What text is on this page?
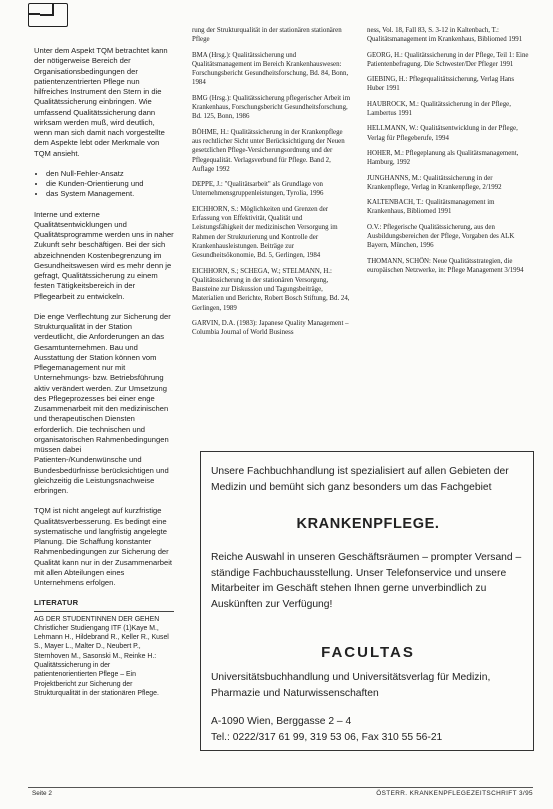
Unter dem Aspekt TQM betrachtet kann der nötigerweise Bereich der Organisationsbedingungen der patientenzentrierten Pflege nun hilfreiches Instrument den Stern in die Qualitätssicherung einbringen. Wie umfassend Qualitätssicherung dann wirksam werden muß, wird deutlich, wenn man sich damit nach vorgestellte dem Aspekte lebt oder Merkmale von TQM ansieht.

• den Null-Fehler-Ansatz
• die Kunden-Orientierung und
• das System Management.

Interne und externe Qualitätsentwicklungen und Qualitätsprogramme werden uns in naher Zukunft sehr beschäftigen. Bei der sich abzeichnenden Kostenbegrenzung im Gesundheitswesen wird es mehr denn je gefragt, Qualitätssicherung zu einem festen Tätigkeitsbereich in der Pflegearbeit zu entwickeln.

Die enge Verflechtung zur Sicherung der Strukturqualität in der Station verdeutlicht, die Anforderungen an das Gesamtunternehmen. Bau und Ausstattung der Station können vom Pflegemanagement nur mit Unternehmungs- bzw. Betriebsführung aktiv verändert werden. Zur Umsetzung des Pflegeprozesses bei einer enge Zusammenarbeit mit den medizinischen und therapeutischen Diensten erforderlich. Die technischen und organisatorischen Rahmenbedingungen müssen dabei Patienten-/Kundenwünsche und Bundesbedürfnisse berücksichtigen und gleichzeitig die Leistungsnachweise erbringen.

TQM ist nicht angelegt auf kurzfristige Qualitätsverbesserung. Es bedingt eine systematische und langfristig angelegte Planung. Die Schaffung konstanter Rahmenbedingungen zur Sicherung der Qualität kann nur in der Zusammenarbeit mit allen Abteilungen eines Unternehmens erfolgen.

LITERATUR
AG DER STUDENTINNEN DER GEHEN Christlicher Studiengang ITF (1)Kaye M., Lehmann H., Hildebrand R., Keller R., Kusel S., Mayer L., Malter D., Neubert P., Sternhoven M., Sasonski M., Reinke H.: Qualitätssicherung in der patientenorientierten Pflege – Ein Projektbericht zur Sicherung der Strukturqualität in der stationären Pflege.
rung der Strukturqualität in der stationären stationären Pflege
BMA (Hrsg.): Qualitätssicherung und Qualitätsmanagement im Bereich Krankenhauswesen: Forschungsbericht Gesundheitsforschung, Bd. 84, Bonn, 1984
BMG (Hrsg.): Qualitätssicherung pflegerischer Arbeit im Krankenhaus, Forschungsbericht Gesundheitsforschung, Bd. 125, Bonn, 1986
BÖHME, H.: Qualitätssicherung in der Krankenpflege aus rechtlicher Sicht unter Berücksichtigung der Neuen gesetzlichen Pflege-Versicherungsordnung und der Pflegequalität. Verlagsverbund für Pflege. Band 2, Auflage 1992
DEPPE, J.: "Qualitätsarbeit" als Grundlage von Unternehmensgruppenleistungen, Tyrolia, 1996
EICHHORN, S.: Möglichkeiten und Grenzen der Erfassung von Effektivität, Qualität und Leistungsfähigkeit der medizinischen Versorgung im Rahmen der Strukturierung und Kontrolle der Krankenhausleistungen. Beiträge zur Gesundheitsökonomie, Bd. 5, Gerlingen, 1984
EICHHORN, S.; SCHEGA, W.; STELMANN, H.: Qualitätssicherung in der stationären Versorgung, Bausteine zur Diskussion und Tagungsbeiträge, Materialien und Berichte, Robert Bosch Stiftung, Bd. 24, Gerlingen, 1989
GARVIN, D.A. (1983): Japanese Quality Management – Columbia Journal of World Business
ness, Vol. 18, Fall 83, S. 3-12 in Kaltenbach, T.: Qualitätsmanagement im Krankenhaus, Bibliomed 1991
GEORG, H.: Qualitätssicherung in der Pflege, Teil 1: Eine Patientenbefragung. Die Schwester/Der Pfleger 1991
GIEBING, H.: Pflegequalitätssicherung, Verlag Hans Huber 1991
HAUBROCK, M.: Qualitätssicherung in der Pflege, Lambertus 1991
HELLMANN, W.: Qualitätsentwicklung in der Pflege, Verlag für Pflegeberufe, 1994
HOHER, M.: Pflegeplanung als Qualitätsmanagement, Hamburg, 1992
JUNGHANNS, M.: Qualitätssicherung in der Krankenpflege, Verlag in Krankenpflege, 2/1992
KALTENBACH, T.: Qualitätsmanagement im Krankenhaus, Bibliomed 1991
O.V.: Pflegerische Qualitätssicherung, aus den Ausbildungsbereichen der Pflege, Vorgaben des ALK Bayern, München, 1996
THOMANN, SCHÖN: Neue Qualitätsstrategien, die europäischen Netzwerke, in: Pflege Management 3/1994
Unsere Fachbuchhandlung ist spezialisiert auf allen Gebieten der Medizin und bemüht sich ganz besonders um das Fachgebiet
KRANKENPFLEGE.
Reiche Auswahl in unseren Geschäftsräumen – prompter Versand – ständige Fachbuchausstellung. Unser Telefonservice und unsere Mitarbeiter im Geschäft stehen Ihnen gerne unverbindlich zu Auskünften zur Verfügung!
FACULTAS
Universitätsbuchhandlung und Universitätsverlag für Medizin, Pharmazie und Naturwissenschaften
A-1090 Wien, Berggasse 2 – 4
Tel.: 0222/317 61 99, 319 53 06, Fax 310 55 56-21
Seite 2	ÖSTERR. KRANKENPFLEGEZEITSCHRIFT 3/95
